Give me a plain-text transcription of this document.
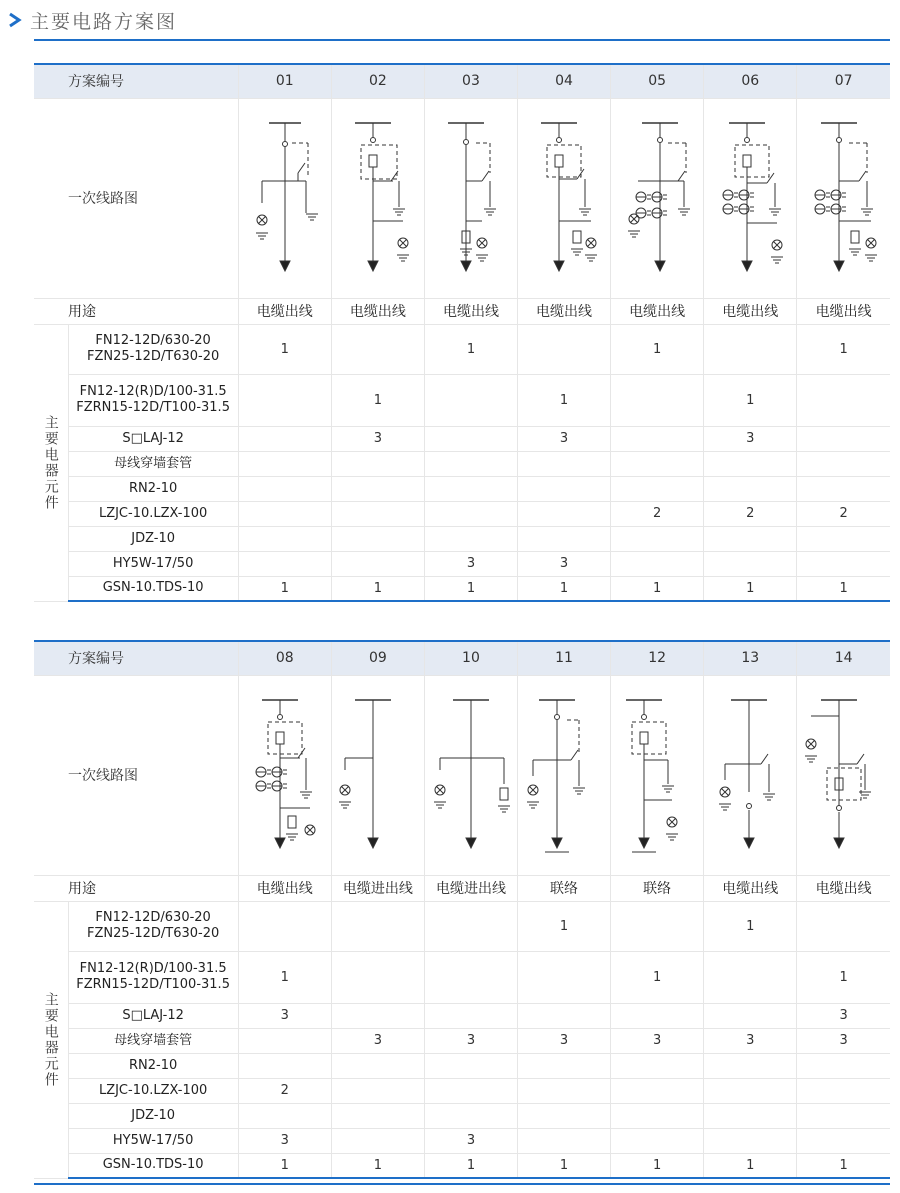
主要电路方案图
方案编号		01	02	03	04	05	06	07
一次线路图	

用途		电缆出线	电缆出线	电缆出线	电缆出线	电缆出线	电缆出线	电缆出线
主要电器元件	FN12-12D/630-20
FZN25-12D/T630-20	1		1		1		1
	FN12-12(R)D/100-31.5
FZRN15-12D/T100-31.5		1		1		1	
	S□LAJ-12		3		3		3	
	母线穿墙套管							
	RN2-10							
	LZJC-10.LZX-100					2	2	2
	JDZ-10							
	HY5W-17/50			3	3			
	GSN-10.TDS-10	1	1	1	1	1	1	1
方案编号		08	09	10	11	12	13	14
一次线路图	

用途		电缆出线	电缆进出线	电缆进出线	联络	联络	电缆出线	电缆出线
主要电器元件	FN12-12D/630-20
FZN25-12D/T630-20				1		1	
	FN12-12(R)D/100-31.5
FZRN15-12D/T100-31.5	1				1		1
	S□LAJ-12	3						3
	母线穿墙套管		3	3	3	3	3	3
	RN2-10							
	LZJC-10.LZX-100	2						
	JDZ-10							
	HY5W-17/50	3		3				
	GSN-10.TDS-10	1	1	1	1	1	1	1
